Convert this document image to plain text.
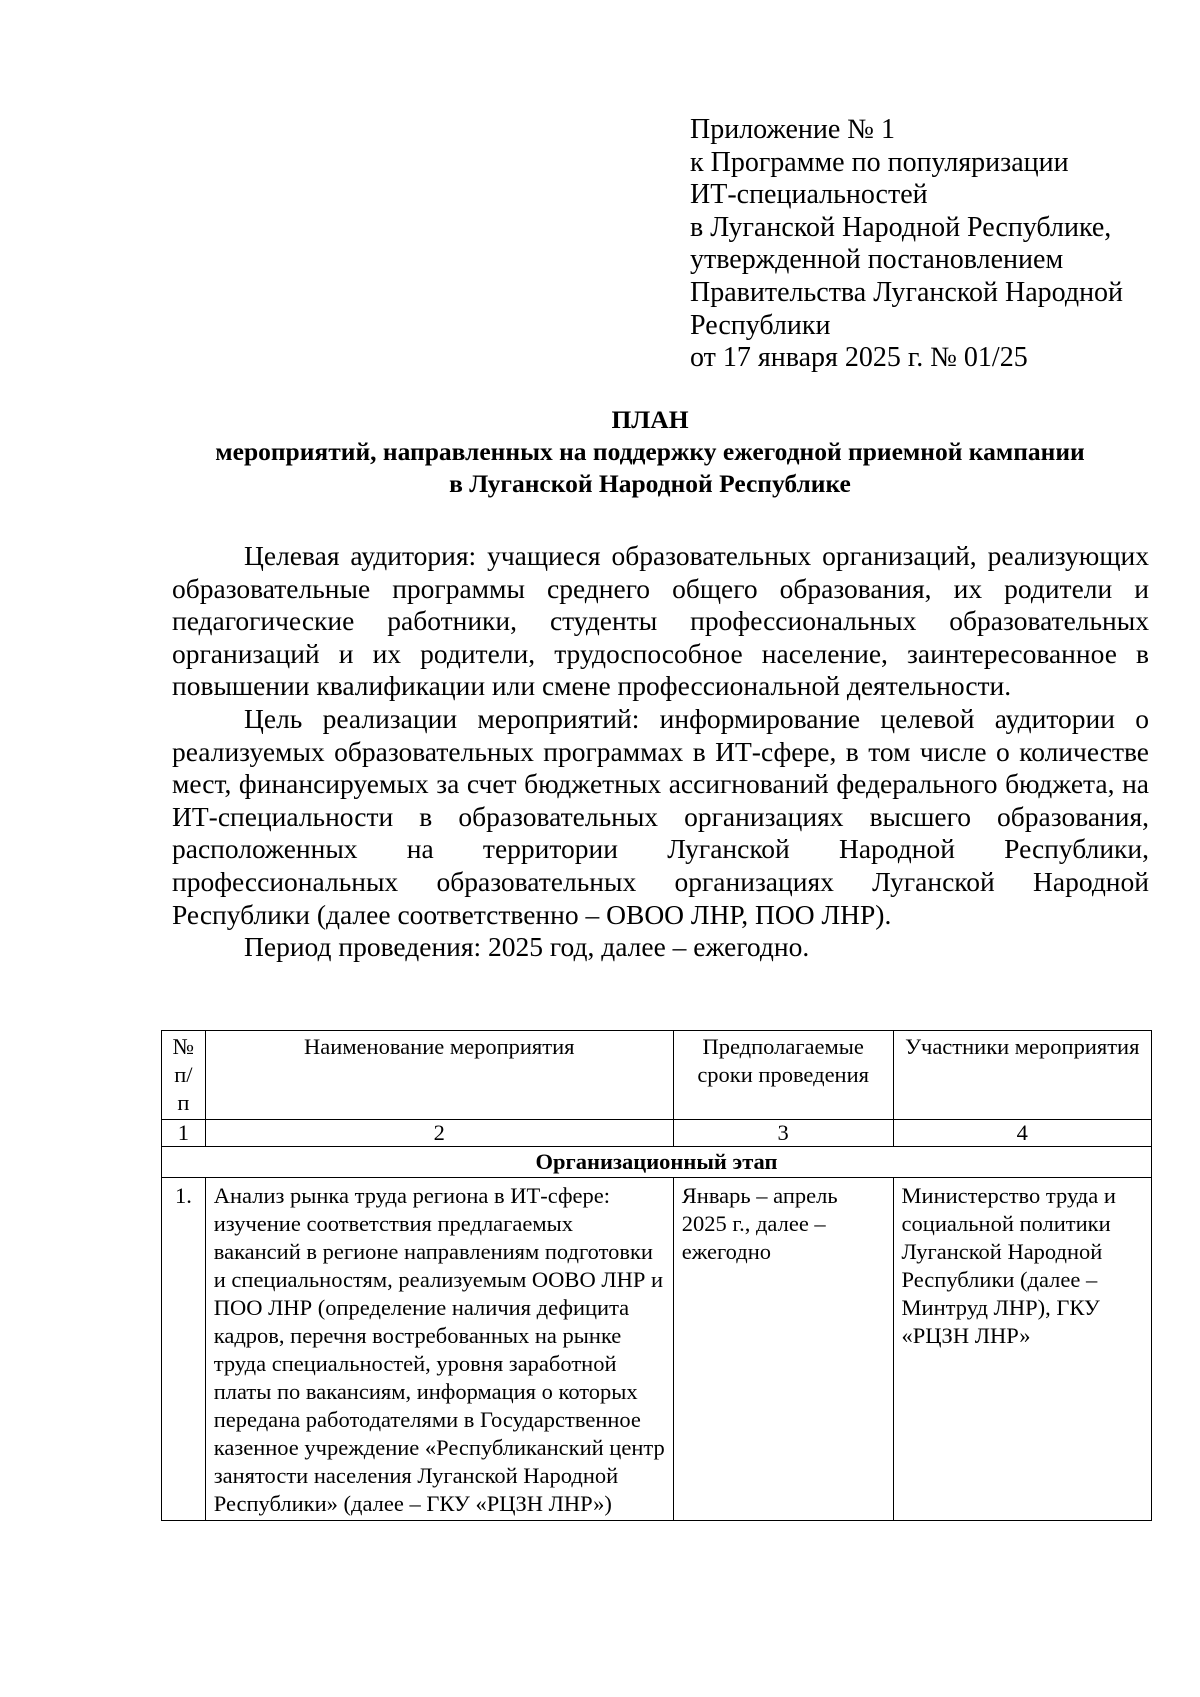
Приложение № 1
к Программе по популяризации
ИТ-специальностей
в Луганской Народной Республике,
утвержденной постановлением
Правительства Луганской Народной
Республики
от 17 января 2025 г. № 01/25
ПЛАН
мероприятий, направленных на поддержку ежегодной приемной кампании
в Луганской Народной Республике

Целевая аудитория: учащиеся образовательных организаций, реализующих образовательные программы среднего общего образования, их родители и педагогические работники, студенты профессиональных образовательных организаций и их родители, трудоспособное население, заинтересованное в повышении квалификации или смене профессиональной деятельности.

Цель реализации мероприятий: информирование целевой аудитории о реализуемых образовательных программах в ИТ-сфере, в том числе о количестве мест, финансируемых за счет бюджетных ассигнований федерального бюджета, на ИТ-специальности в образовательных организациях высшего образования, расположенных на территории Луганской Народной Республики, профессиональных образовательных организациях Луганской Народной Республики (далее соответственно – ОВОО ЛНР, ПОО ЛНР).

Период проведения: 2025 год, далее – ежегодно.

№ п/п	Наименование мероприятия	Предполагаемые сроки проведения	Участники мероприятия
1	2	3	4
Организационный этап			
1.	Анализ рынка труда региона в ИТ-сфере: изучение соответствия предлагаемых вакансий в регионе направлениям подготовки и специальностям, реализуемым ООВО ЛНР и ПОО ЛНР (определение наличия дефицита кадров, перечня востребованных на рынке труда специальностей, уровня заработной платы по вакансиям, информация о которых передана работодателями в Государственное казенное учреждение «Республиканский центр занятости населения Луганской Народной Республики» (далее – ГКУ «РЦЗН ЛНР»)	Январь – апрель 2025 г., далее – ежегодно	Министерство труда и социальной политики Луганской Народной Республики (далее – Минтруд ЛНР), ГКУ «РЦЗН ЛНР»
